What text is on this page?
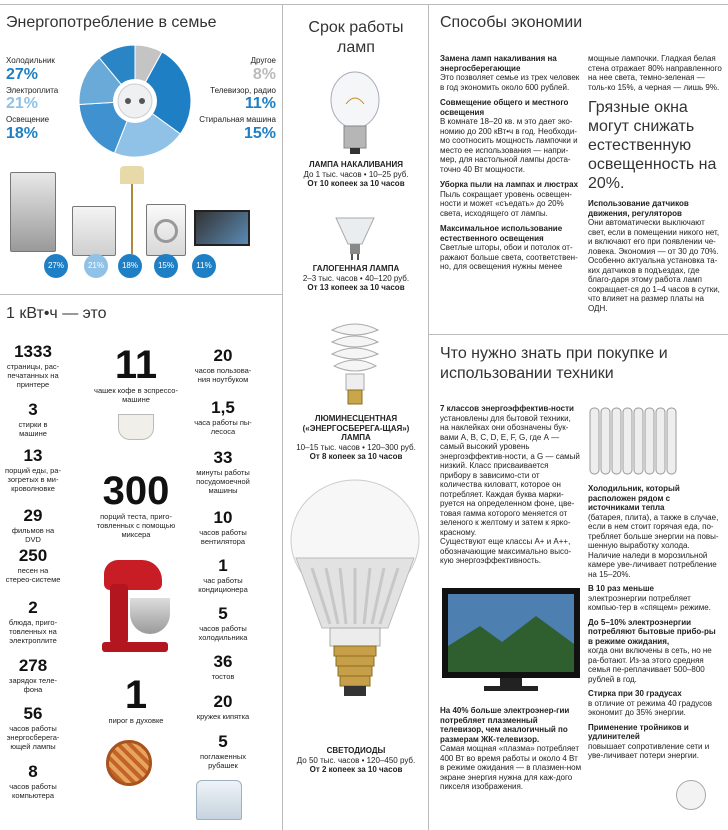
Энергопотребление в семье
Холодильник
27%
Электроплита
21%
Освещение
18%
Другое
8%
Телевизор, радио
11%
Стиральная машина
15%
27%	21%	18%	15%	11%
1 кВт•ч — это
1333
страницы, рас-печатанных на принтере
3
стирки в машине
13
порций еды, ра-зогретых в ми-кроволновке
29
фильмов на DVD
250
песен на стерео-системе
2
блюда, приго-товленных на электроплите
278
зарядок теле-фона
56
часов работы энергосберега-ющей лампы
8
часов работы компьютера
11
чашек кофе в эспрессо-машине
300
порций теста, приго-товленных с помощью миксера
1
пирог в духовке
20
часов пользова-ния ноутбуком
1,5
часа работы пы-лесоса
33
минуты работы посудомоечной машины
10
часов работы вентилятора
1
час работы кондиционера
5
часов работы холодильника
36
тостов
20
кружек кипятка
5
поглаженных рубашек
Срок работы ламп
ЛАМПА НАКАЛИВАНИЯ
До 1 тыс. часов • 10–25 руб.
От 10 копеек за 10 часов
ГАЛОГЕННАЯ ЛАМПА
2–3 тыс. часов • 40–120 руб.
От 13 копеек за 10 часов
ЛЮМИНЕСЦЕНТНАЯ («ЭНЕРГОСБЕРЕГА-ЩАЯ») ЛАМПА
10–15 тыс. часов • 120–300 руб.
От 8 копеек за 10 часов
СВЕТОДИОДЫ
До 50 тыс. часов • 120–450 руб.
От 2 копеек за 10 часов
Способы экономии
Замена ламп накаливания на энергосберегающие
Это позволяет семье из трех человек в год экономить около 600 рублей.
Совмещение общего и местного освещения
В комнате 18–20 кв. м это дает эко-номию до 200 кВт•ч в год. Необходи-мо соотносить мощность лампочки и место ее использования — напри-мер, для настольной лампы доста-точно 40 Вт мощности.
Уборка пыли на лампах и люстрах
Пыль сокращает уровень освещен-ности и может «съедать» до 20% света, исходящего от лампы.
Максимальное использование естественного освещения
Светлые шторы, обои и потолок от-ражают больше света, соответствен-но, для освещения нужны менее
мощные лампочки. Гладкая белая стена отражает 80% направленного на нее света, темно-зеленая — толь-ко 15%, а черная — лишь 9%.
Грязные окна могут снижать естественную освещенность на 20%.
Использование датчиков движения, регуляторов
Они автоматически выключают свет, если в помещении никого нет, и включают его при появлении че-ловека. Экономия — от 30 до 70%. Особенно актуальна установка та-ких датчиков в подъездах, где благо-даря этому работа ламп сокращает-ся до 1–4 часов в сутки, что влияет на размер платы на ОДН.
Что нужно знать при покупке и использовании техники
7 классов энергоэффектив-ности
установлены для бытовой техники, на наклейках они обозначены бук-вами A, B, C, D, E, F, G, где А — самый высокий уровень энергоэффектив-ности, а G — самый низкий. Класс присваивается прибору в зависимо-сти от количества киловатт, которое он потребляет. Каждая буква марки-руется на определенном фоне, цве-товая гамма которого меняется от зеленого к желтому и затем к ярко-красному.
Существуют еще классы А+ и А++, обозначающие максимально высо-кую энергоэффективность.
На 40% больше электроэнер-гии потребляет плазменный телевизор, чем аналогичный по размерам ЖК-телевизор.
Самая мощная «плазма» потребляет 400 Вт во время работы и около 4 Вт в режиме ожидания — в плазмен-ном экране энергия нужна для каж-дого пикселя изображения.
Холодильник, который расположен рядом с источниками тепла
(батарея, плита), а также в случае, если в нем стоит горячая еда, по-требляет больше энергии на повы-шенную выработку холода. Наличие наледи в морозильной камере уве-личивает потребление на 15–20%.
В 10 раз меньше
электроэнергии потребляет компью-тер в «спящем» режиме.
До 5–10% электроэнергии потребляют бытовые прибо-ры в режиме ожидания,
когда они включены в сеть, но не ра-ботают. Из-за этого средняя семья пе-реплачивает 500–800 рублей в год.
Стирка при 30 градусах
в отличие от режима 40 градусов экономит до 35% энергии.
Применение тройников и удлинителей
повышает сопротивление сети и уве-личивает потери энергии.
